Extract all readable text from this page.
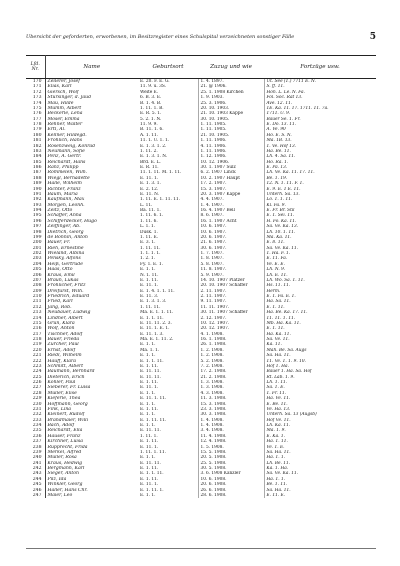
Übersicht der geforderten, erworbenen, im Besitzregister eines Schulspital verzeichneten sonstiger Fälle	5
Lfd. Nr.	Name	Geburtsort	Zuzug und wie	Fortzüge usw.
170	Zeilerer, Josef	E. 20. F. E. G.	1. 4. 1897.	Ut. See (1.) 7711 E. N.
171	Elias, Karl	11. 9. u. 3S.	21. @ 1906.	S. ff. 11.
172	Giersch, Wolf	Weite E.	25. 1. 1908 Kirchen	Hon. L. Le. N. Fa.
173	Stursinger, d. Jaud	6. B. 3. E.	1. 9. 1903.	Fol. Soc. Rat 13.
174	Mau, Hilde	B. 1. 4. B.	25. 3. 1906.	Ave. 12. 11.
175	Mumm, Albert	1. 11. 1. B.	20. 10. 1903.	1E. Ka. 11. 17. 1711. 11. 7a.
176	Beckerle, Lena	E. R. 5. 1.	21. 10. 1903 Kappe	1711. U. 9.
177	Moser, Emma	5. 2. 1. N.	30. 10. 1905.	Bauer Se. 1. Fr.
178	Rehner, Walter	11. 9. 9.	1. 11. 1905.	E. Do. 13. 11.
179	Ertl, Al.	B. 11. 1. 6.	1. 11. 1905.	A. Ve. 90
180	Kellner, Hildegd.	A. 1. 11.	21. 10. 1905.	Ho. E. S. N.
181	Fröhlich, Hans	11. 1. U. 1. 1.	1. 11. 1906.	Ma. 1B. 13.
182	Rosenzweig, Konrad	E. 1. 3. 1. 2.	4. 11. 1906.	1. Ve. Hof 13.
183	Neumann, Sofie	1. 11. 2.	1. 11. 1906.	Ha. Be. 11.
184	Penz, A. Gertr.	E. 1. 3. 1. N.	1. 12. 1906.	Lh. 4. Sa. 11.
185	Reichardt, Hans	Brd. E. L.	10. 12. 1906.	Ho. Ra. 1.
186	Ranz, Philipp	E. R. 11.	30. 1. 1907 Sulz	E. Pa. 13.
187	Rommelen, Wilh.	11. 1. 11. M. 1. 11.	6. 2. 1907 Linck	Lh. Ve. Ka. 11. 17. 11.
188	Wiegl, Bernadette	E. 11. 1.	10. 2. 1907 Haupt	Be. 1. 19.
189	Halle, Wilhelm	E. 1. 3. 1.	17. 2. 1907.	12. N. 1. 11. F. 1.
190	Richter, Franz	E. 2. 12.	15. 3. 1907.	E. 9. E. 1 E. 11.
191	Baum, Maria	E. 11. N.	20. 3. 1907 Kappe	Unterh. Sa. 13.
192	Kaufmann, Max	1. 11. E. 1. 11. 11.	4. 4. 1907.	Lo. 1. 1. 11.
193	Morgen, Leonh.	L. 11.	1. 4. 1907.	Kl. Fa. 9.
194	Zeitz, Otto	Ba. 11. 1.	16. 4. 1907 Bell	E. Fr. Br. Stil
195	Schaffer, Anna	1. 11. 6. 1.	8. 6. 1907.	E. 1. Sei. 11.
196	Schifferdecker, Hugo	1. 11. 6.	16. 1. 1907 Acht	H. Fo. Ka. 11.
197	Zeiffinger, Ab.	L. 1. 1.	10. 6. 1907.	Sa. Ve. Ka. 13.
198	Dietrich, Georg	Düsk. 1.	10. 6. 1907.	Lh. 10. 1. 11.
199	de Bonnin, Anton	1. 11. E.	20. 6. 1907.	Ma. Ka. 11.
200	Bauer, Fr.	E. 3. 1.	21. 6. 1907.	E. 8. 11.
201	Rieh, Ernestine	1. 11. 11.	30. 6. 1907.	Sa. Ve. Ka. 11.
202	Wieland, Albina	1. 1. 1. 1.	1. 7. 1907.	1. Ha. F. 1.
203	Pensky, Alfons	1. 2. 1.	1. 8. 1907.	E. 11. Fa.
204	Heiß, Gertrude	Fy. 1. E. 1.	5. 8. 1907.	Ve. E. E.
205	Haas, Otto	E. 1. 1.	11. 8. 1907.	Lh. N. 9.
206	Kraus, Emil	N. 1. 11.	5. 9. 1907.	Lh. E. 11.
207	Braun, Lukas	E. 1. 11.	14. 10. 1907 Platzer	Lh. Wo. Sa. 1. 11.
208	Fröhlicher, Fritz	E. 11. 1.	20. 10. 1907 Schaffer	Hs. 11. 11.
209	Dreifürst, Wilh.	E. 1. 4. 1. 1. 11.	2. 11. 1907.	Herm.
210	Friedrich, Eduard	E. 11. 3.	2. 11. 1907.	E. 1. Fa. E. 1.
211	Fried, Karl	E. 1. 3. 1. 3.	9. 11. 1907.	Ha. Sa. 11.
212	Jang, Rob.	1. 11. 11.	11. 11. 1907.	E. 1. 11.
213	Neubauer, Ludwig	Ma. E. 1. 1. 11.	30. 11. 1907 Schaffer	Ha. Be. Ka. 17. 11.
214	Lindner, Albert	E. 1. 1. 11.	2. 12. 1907.	11. 11. 1. 11.
215	Grün, Klara	E. 11. 11. 2. 3.	10. 12. 1907.	Mb. Ha. Ka. 11.
216	Wolf, Anton	E. 11. 1. E. 1.	20. 12. 1907.	E. 1. 11.
217	Tischner, Adolf	E. 11. 1. 3.	4. 1. 1908.	Ha. Ka. 11.
218	Bauer, Frieda	Ma. E. 1. 11. 2.	16. 1. 1908.	Sa. Ve. 11.
219	Zürcher, Paul	E. 1. 1.	26. 1. 1908.	Ka. 11.
220	Ernst, Adolf	Ma. 1. 1.	1. 2. 1908.	Mah. Be. Sa. Augs
221	Riedl, Wilhelm	E. 1. 1.	1. 2. 1908.	Sa. Ha. 11.
222	Hauff, Klara	E. 1. 1. 11.	5. 2. 1908.	11. Ve. 1. 1. 9. 10.
223	Schmitt, Albert	E. 1. 11.	7. 2. 1908.	Hof 1. Ha.
224	Baumann, Bernhard	E. 11. 11.	17. 2. 1908.	Bauer 1. Ha. Sa. Hof
225	Dieterich, Erich	E. 11. 11.	21. 2. 1908.	Rt. Lab. 1. 9.
226	Kohler, Paul	E. 1. 11.	1. 3. 1908.	Lh. 1. 11.
227	Sieberer, Fr. Luisa	E. 11. 1.	1. 3. 1908.	Sa. 1. E.
228	Müller, Elise	E. 1. 1.	4. 3. 1908.	1. Fr. 11.
229	Kieferle, Thea	E. 11. 1. 11.	11. 3. 1908.	Ha. Ve. 11.
230	Hoffmann, Georg	E. 1. 1.	15. 3. 1908.	E. Be. 11.
231	Fink, Lina	E. 1. 11.	23. 3. 1908.	Ve. Ha. 13.
232	Kleinert, Rudolf	E. 1. 1.	30. 3. 1908.	Unterh. Sa. 13 (Augsb)
233	Brandmaier, Willi	E. 1. 11. 11.	1. 4. 1908.	Hof Ve. 11.
234	Bach, Adolf	E. 1. 1.	1. 4. 1908.	Lh. Ka. 11.
235	Reichardt, Ella	E. 11. 11.	3. 4. 1908.	Ma. 1. 9.
236	Hauser, Franz	1. 11. 1.	11. 4. 1908.	E. Ka. 1.
237	Kirchner, Luisa	E. 1. 11.	12. 4. 1908.	Ha. 1. 11.
238	Rupprecht, Frida	E. 11. 1.	1. 5. 1908.	Ve. 1. E.
239	Merkel, Alfred	1. 11. 1. 11.	15. 5. 1908.	Sa. Ha. 11.
240	Müller, Rosa	E. 1. 1.	20. 5. 1908.	Ha. 1. 1.
241	Kraus, Hedwig	E. 11. 11.	25. 5. 1908.	Lh. Be. 11.
242	Bergmann, Karl	E. 1. 11.	30. 5. 1908.	Ka. 1. Ha.
243	Sieger, Anton	E. 1. 1. 11.	3. 6. 1908 Kanzler	Sa. Ve. Ka. 11.
244	Pilz, Ida	E. 1. 11.	10. 6. 1908.	Ha. 1. 1.
245	Winkler, Georg	E. 11. 1.	20. 6. 1908.	Be. 1. 11.
246	Haller, Hans Chr.	E. 1. 11. 1.	26. 6. 1908.	Sa. Ha. 11.
247	Maier, Leo	E. 1. 1.	28. 6. 1908.	E. 11. E.
